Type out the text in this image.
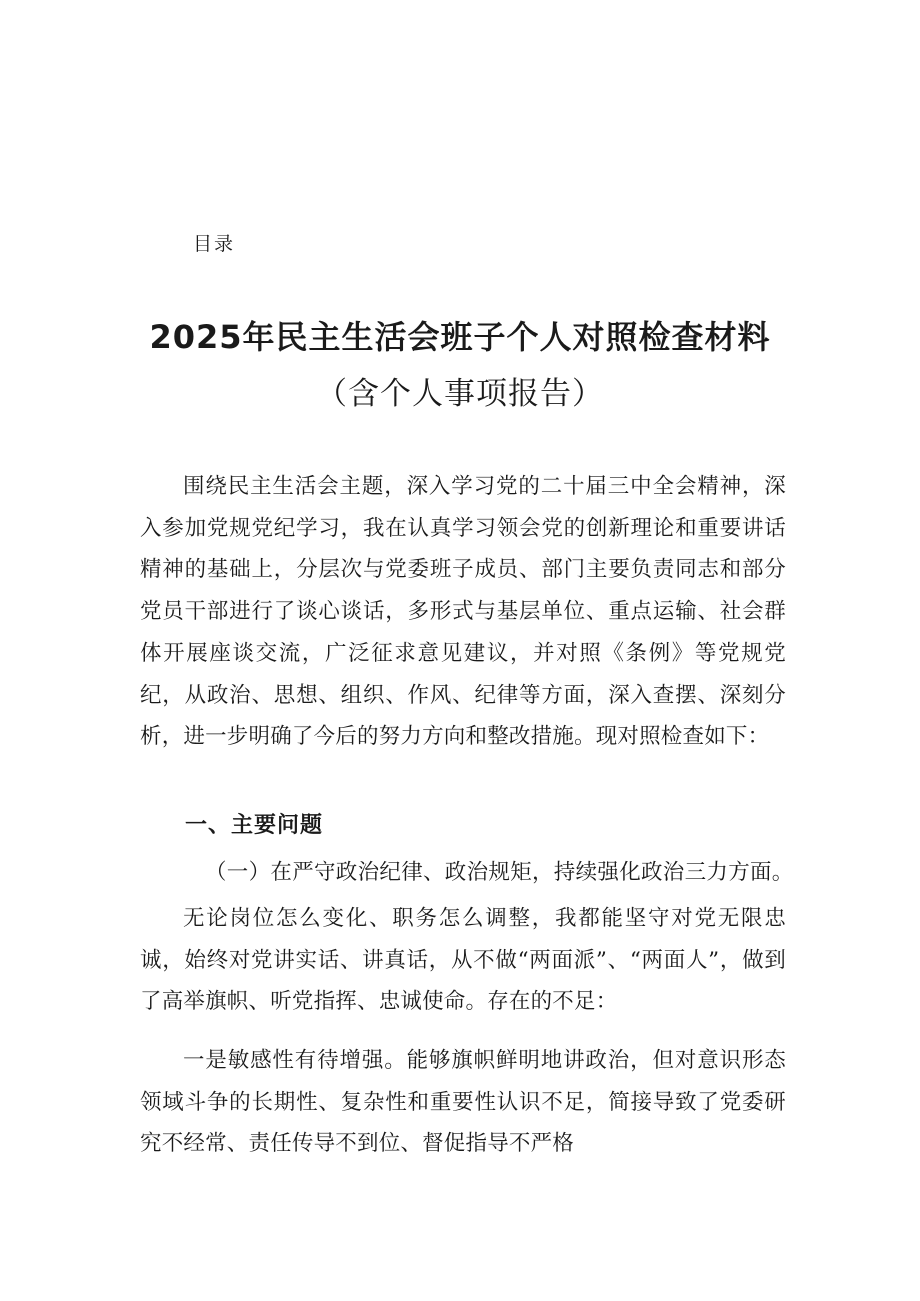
目录
2025年民主生活会班子个人对照检查材料
（含个人事项报告）
围绕民主生活会主题，深入学习党的二十届三中全会精神，深入参加党规党纪学习，我在认真学习领会党的创新理论和重要讲话精神的基础上，分层次与党委班子成员、部门主要负责同志和部分党员干部进行了谈心谈话，多形式与基层单位、重点运输、社会群体开展座谈交流，广泛征求意见建议，并对照《条例》等党规党纪，从政治、思想、组织、作风、纪律等方面，深入查摆、深刻分析，进一步明确了今后的努力方向和整改措施。现对照检查如下：
一、主要问题
（一）在严守政治纪律、政治规矩，持续强化政治三力方面。
无论岗位怎么变化、职务怎么调整，我都能坚守对党无限忠诚，始终对党讲实话、讲真话，从不做“两面派”、“两面人”，做到了高举旗帜、听党指挥、忠诚使命。存在的不足：
一是敏感性有待增强。能够旗帜鲜明地讲政治，但对意识形态领域斗争的长期性、复杂性和重要性认识不足，简接导致了党委研究不经常、责任传导不到位、督促指导不严格
